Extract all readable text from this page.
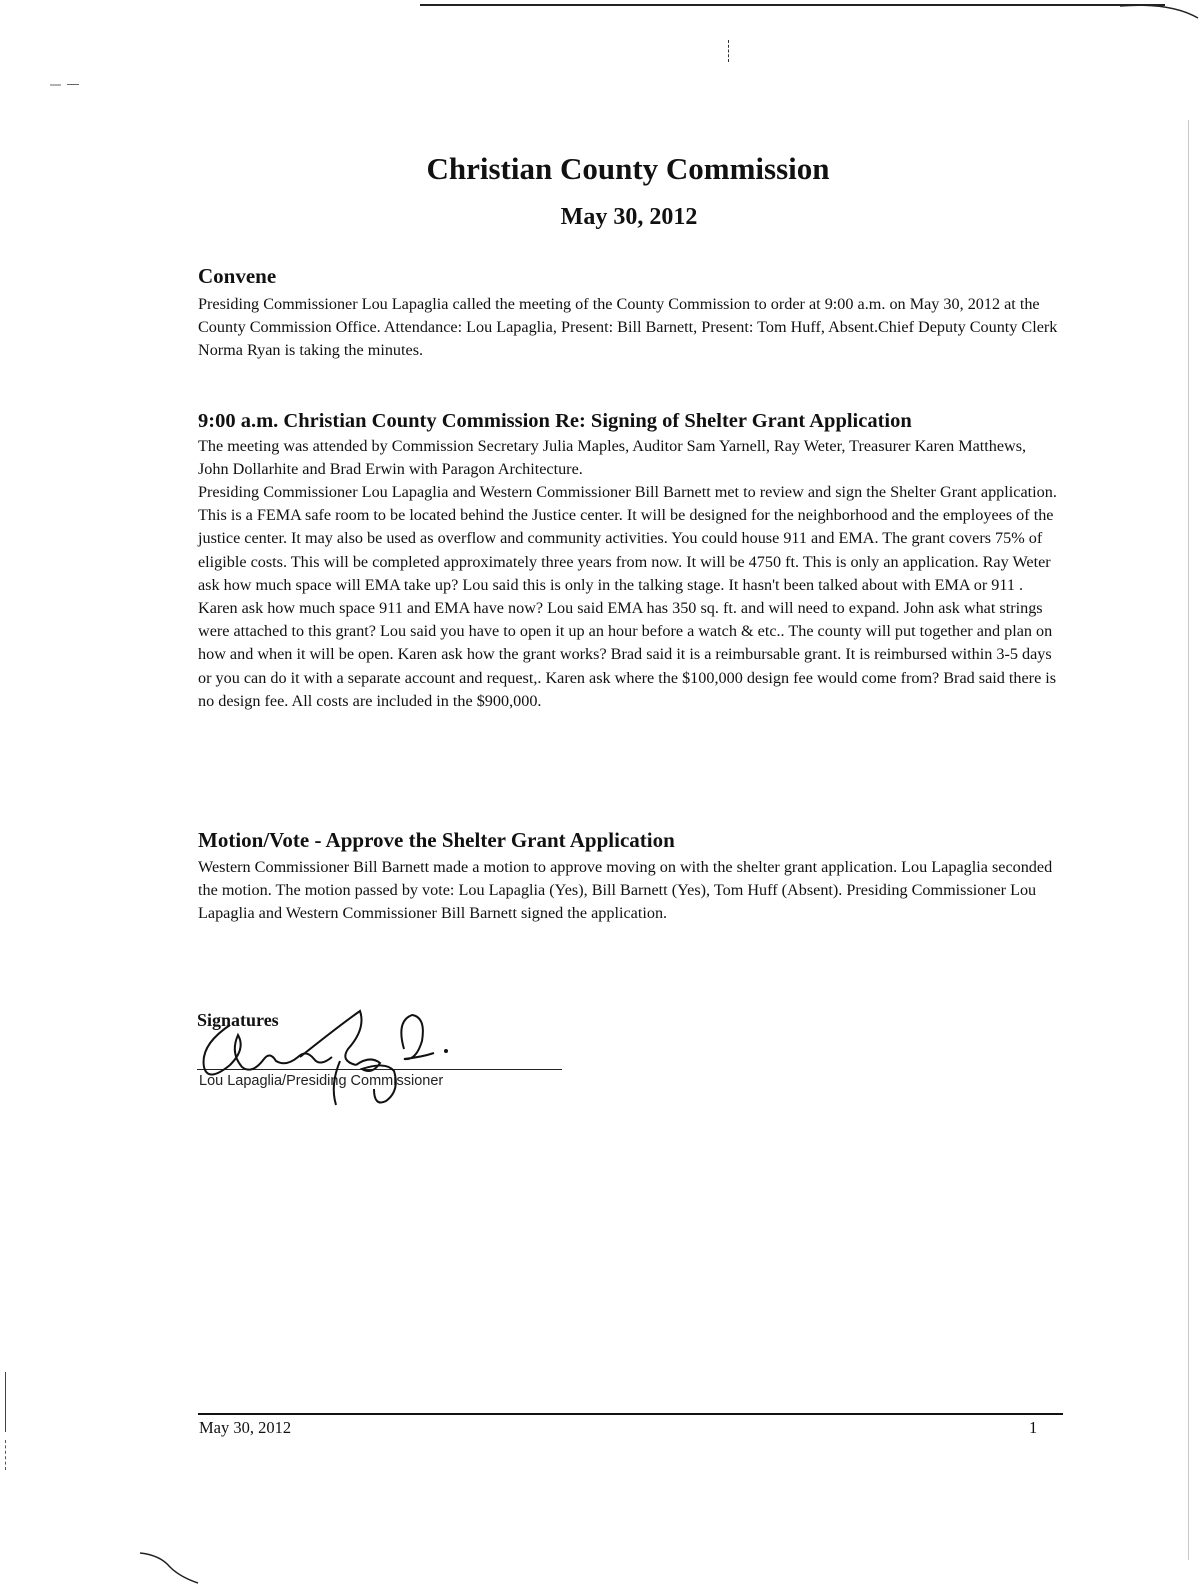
Christian County Commission
May 30, 2012
Convene

Presiding Commissioner Lou Lapaglia called the meeting of the County Commission to order at 9:00 a.m. on May 30, 2012 at the County Commission Office. Attendance: Lou Lapaglia, Present: Bill Barnett, Present: Tom Huff, Absent.Chief Deputy County Clerk Norma Ryan is taking the minutes.

9:00 a.m. Christian County Commission Re: Signing of Shelter Grant Application

The meeting was attended by Commission Secretary Julia Maples, Auditor Sam Yarnell, Ray Weter, Treasurer Karen Matthews, John Dollarhite and Brad Erwin with Paragon Architecture.

Presiding Commissioner Lou Lapaglia and Western Commissioner Bill Barnett met to review and sign the Shelter Grant application. This is a FEMA safe room to be located behind the Justice center. It will be designed for the neighborhood and the employees of the justice center. It may also be used as overflow and community activities. You could house 911 and EMA. The grant covers 75% of eligible costs. This will be completed approximately three years from now. It will be 4750 ft. This is only an application. Ray Weter ask how much space will EMA take up? Lou said this is only in the talking stage. It hasn't been talked about with EMA or 911 . Karen ask how much space 911 and EMA have now? Lou said EMA has 350 sq. ft. and will need to expand. John ask what strings were attached to this grant? Lou said you have to open it up an hour before a watch & etc.. The county will put together and plan on how and when it will be open. Karen ask how the grant works? Brad said it is a reimbursable grant. It is reimbursed within 3-5 days or you can do it with a separate account and request,. Karen ask where the $100,000 design fee would come from? Brad said there is no design fee. All costs are included in the $900,000.

Motion/Vote - Approve the Shelter Grant Application

Western Commissioner Bill Barnett made a motion to approve moving on with the shelter grant application. Lou Lapaglia seconded the motion. The motion passed by vote: Lou Lapaglia (Yes), Bill Barnett (Yes), Tom Huff (Absent). Presiding Commissioner Lou Lapaglia and Western Commissioner Bill Barnett signed the application.

Signatures
Lou Lapaglia/Presiding Commissioner
May 30, 2012	1
